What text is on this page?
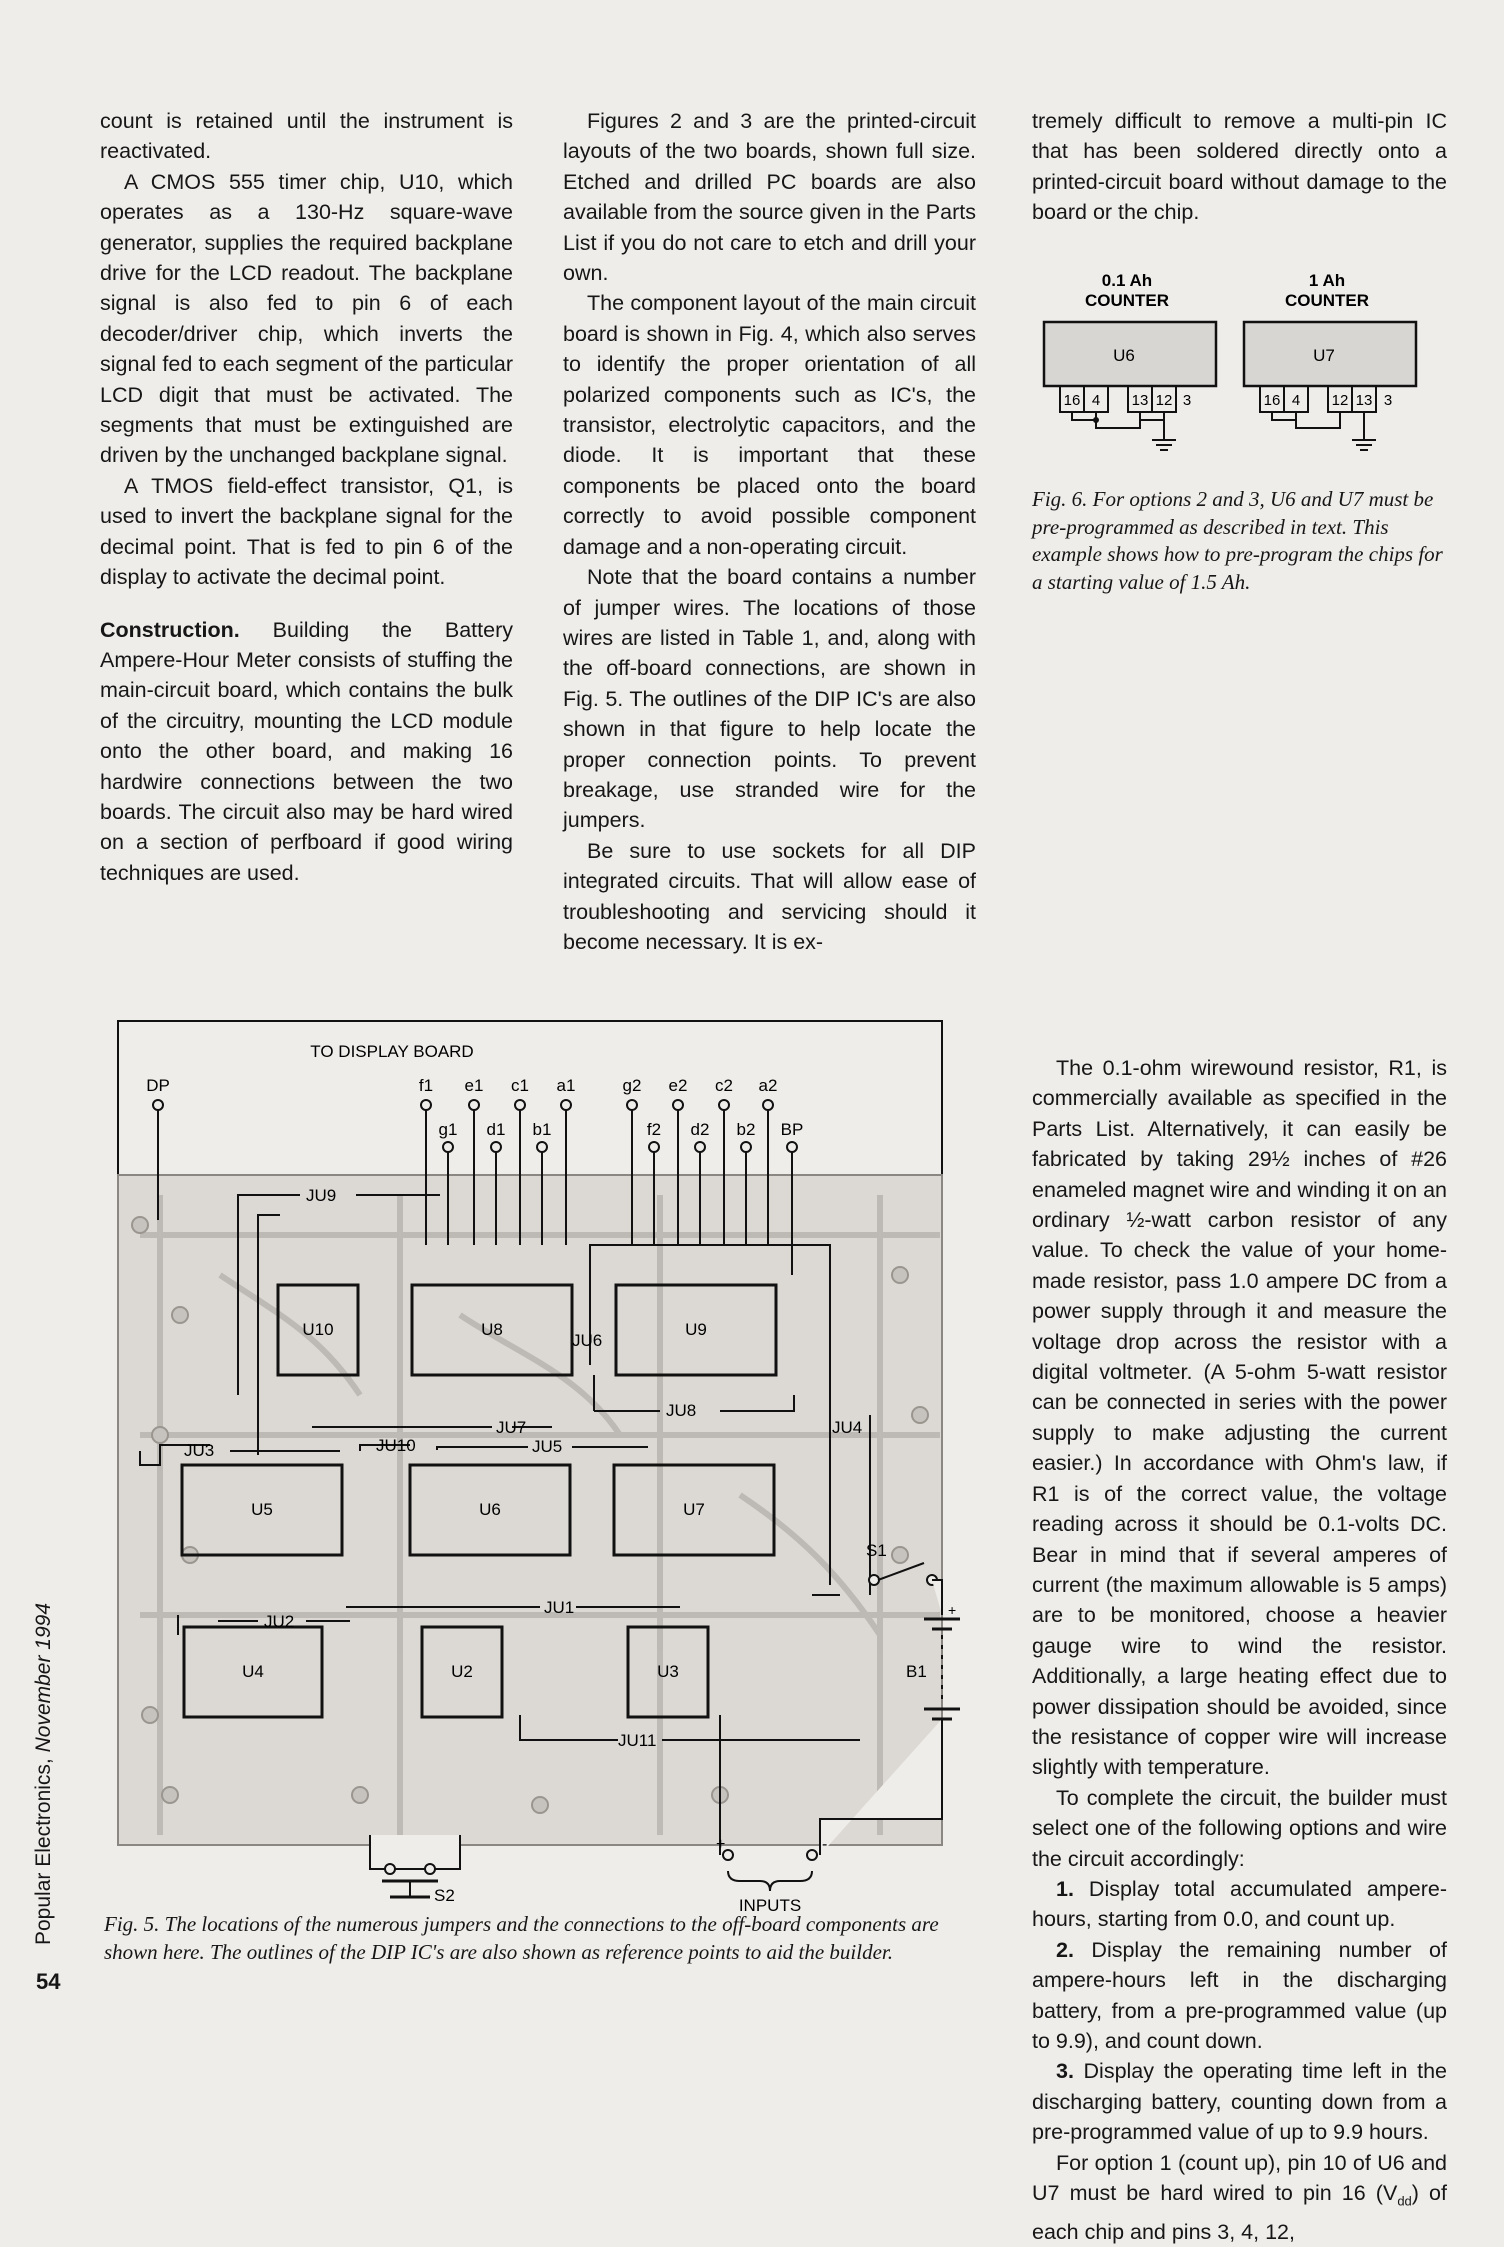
count is retained until the instrument is reactivated.

A CMOS 555 timer chip, U10, which operates as a 130-Hz square-wave generator, supplies the required backplane drive for the LCD readout. The backplane signal is also fed to pin 6 of each decoder/driver chip, which inverts the signal fed to each segment of the particular LCD digit that must be activated. The segments that must be extinguished are driven by the unchanged backplane signal.

A TMOS field-effect transistor, Q1, is used to invert the backplane signal for the decimal point. That is fed to pin 6 of the display to activate the decimal point.

Construction. Building the Battery Ampere-Hour Meter consists of stuffing the main-circuit board, which contains the bulk of the circuitry, mounting the LCD module onto the other board, and making 16 hardwire connections between the two boards. The circuit also may be hard wired on a section of perfboard if good wiring techniques are used.

Figures 2 and 3 are the printed-circuit layouts of the two boards, shown full size. Etched and drilled PC boards are also available from the source given in the Parts List if you do not care to etch and drill your own.

The component layout of the main circuit board is shown in Fig. 4, which also serves to identify the proper orientation of all polarized components such as IC's, the transistor, electrolytic capacitors, and the diode. It is important that these components be placed onto the board correctly to avoid possible component damage and a non-operating circuit.

Note that the board contains a number of jumper wires. The locations of those wires are listed in Table 1, and, along with the off-board connections, are shown in Fig. 5. The outlines of the DIP IC's are also shown in that figure to help locate the proper connection points. To prevent breakage, use stranded wire for the jumpers.

Be sure to use sockets for all DIP integrated circuits. That will allow ease of troubleshooting and servicing should it become necessary. It is ex-

tremely difficult to remove a multi-pin IC that has been soldered directly onto a printed-circuit board without damage to the board or the chip.

0.1 Ah
COUNTER
1 Ah
COUNTER
U6	U7
16 4 13 12 3	16 4 12 13 3
Fig. 6. For options 2 and 3, U6 and U7 must be pre-programmed as described in text. This example shows how to pre-program the chips for a starting value of 1.5 Ah.

The 0.1-ohm wirewound resistor, R1, is commercially available as specified in the Parts List. Alternatively, it can easily be fabricated by taking 29½ inches of #26 enameled magnet wire and winding it on an ordinary ½-watt carbon resistor of any value. To check the value of your home-made resistor, pass 1.0 ampere DC from a power supply through it and measure the voltage drop across the resistor with a digital voltmeter. (A 5-ohm 5-watt resistor can be connected in series with the power supply to make adjusting the current easier.) In accordance with Ohm's law, if R1 is of the correct value, the voltage reading across it should be 0.1-volts DC. Bear in mind that if several amperes of current (the maximum allowable is 5 amps) are to be monitored, choose a heavier gauge wire to wind the resistor. Additionally, a large heating effect due to power dissipation should be avoided, since the resistance of copper wire will increase slightly with temperature.

To complete the circuit, the builder must select one of the following options and wire the circuit accordingly:

1. Display total accumulated ampere-hours, starting from 0.0, and count up.

2. Display the remaining number of ampere-hours left in the discharging battery, from a pre-programmed value (up to 9.9), and count down.

3. Display the operating time left in the discharging battery, counting down from a pre-programmed value of up to 9.9 hours.

For option 1 (count up), pin 10 of U6 and U7 must be hard wired to pin 16 $(V_{dd})$ of each chip and pins 3, 4, 12,

TO DISPLAY BOARD
DP	f1 e1 c1 a1	g2 e2 c2 a2
g1 d1 b1	f2 d2 b2 BP
U10	U8	U9
U5	U6	U7
U4	U2	U3
JU9
JU6
JU8
JU7
JU3	JU10	JU5
JU4
JU2
JU1
JU11
S1
B1
+
+	-
INPUTS
S2
Fig. 5. The locations of the numerous jumpers and the connections to the off-board components are shown here. The outlines of the DIP IC's are also shown as reference points to aid the builder.
Popular Electronics, November 1994
54
